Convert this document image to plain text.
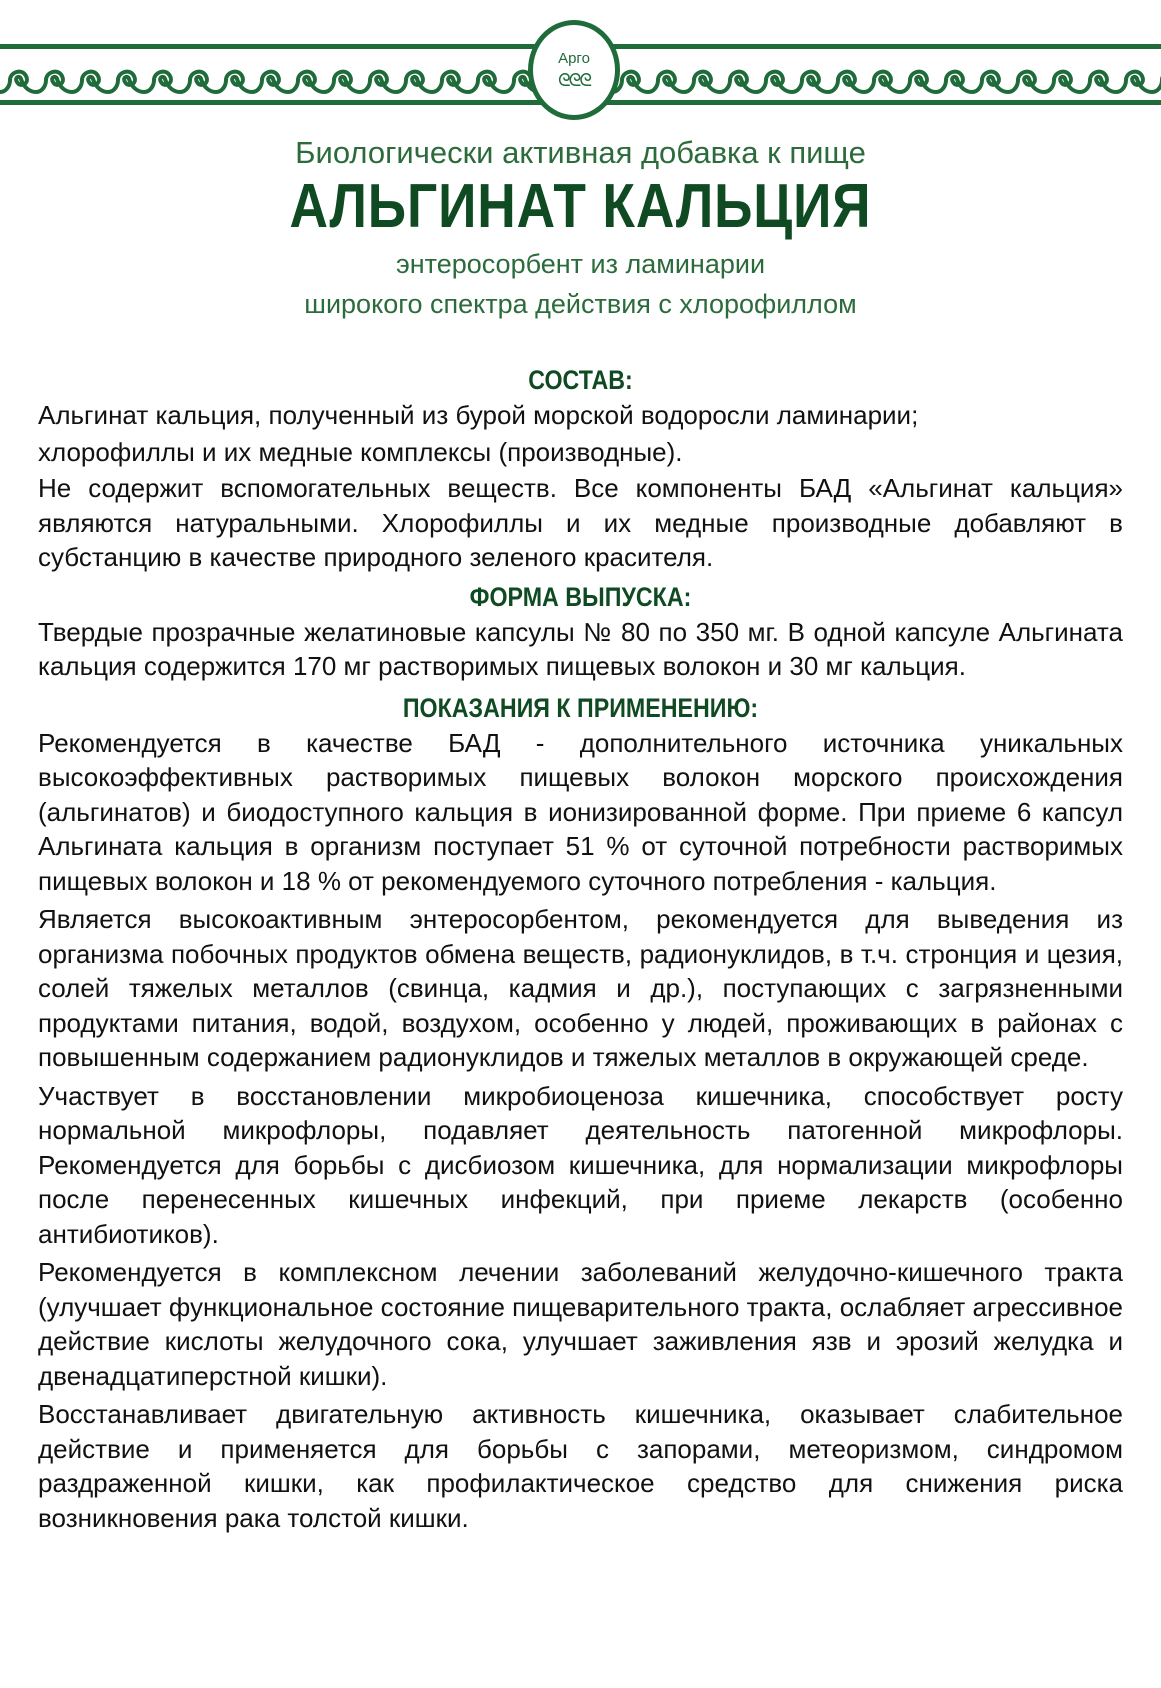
Арго
ᘓᘓᘓ
Биологически активная добавка к пище
АЛЬГИНАТ КАЛЬЦИЯ
энтеросорбент из ламинарии
широкого спектра действия с хлорофиллом
СОСТАВ:

Альгинат кальция, полученный из бурой морской водоросли ламинарии;

хлорофиллы и их медные комплексы (производные).

Не содержит вспомогательных веществ. Все компоненты БАД «Альгинат кальция» являются натуральными. Хлорофиллы и их медные производные добавляют в субстанцию в качестве природного зеленого красителя.

ФОРМА ВЫПУСКА:

Твердые прозрачные желатиновые капсулы № 80 по 350 мг. В одной капсуле Альгината кальция содержится 170 мг растворимых пищевых волокон и 30 мг кальция.

ПОКАЗАНИЯ К ПРИМЕНЕНИЮ:

Рекомендуется в качестве БАД - дополнительного источника уникальных высокоэффективных растворимых пищевых волокон морского происхождения (альгинатов) и биодоступного кальция в ионизированной форме. При приеме 6 капсул Альгината кальция в организм поступает 51 % от суточной потребности растворимых пищевых волокон и 18 % от рекомендуемого суточного потребления - кальция.

Является высокоактивным энтеросорбентом, рекомендуется для выведения из организма побочных продуктов обмена веществ, радионуклидов, в т.ч. стронция и цезия, солей тяжелых металлов (свинца, кадмия и др.), поступающих с загрязненными продуктами питания, водой, воздухом, особенно у людей, проживающих в районах с повышенным содержанием радионуклидов и тяжелых металлов в окружающей среде.

Участвует в восстановлении микробиоценоза кишечника, способствует росту нормальной микрофлоры, подавляет деятельность патогенной микрофлоры. Рекомендуется для борьбы с дисбиозом кишечника, для нормализации микрофлоры после перенесенных кишечных инфекций, при приеме лекарств (особенно антибиотиков).

Рекомендуется в комплексном лечении заболеваний желудочно-кишечного тракта (улучшает функциональное состояние пищеварительного тракта, ослабляет агрессивное действие кислоты желудочного сока, улучшает заживления язв и эрозий желудка и двенадцатиперстной кишки).

Восстанавливает двигательную активность кишечника, оказывает слабительное действие и применяется для борьбы с запорами, метеоризмом, синдромом раздраженной кишки, как профилактическое средство для снижения риска возникновения рака толстой кишки.
